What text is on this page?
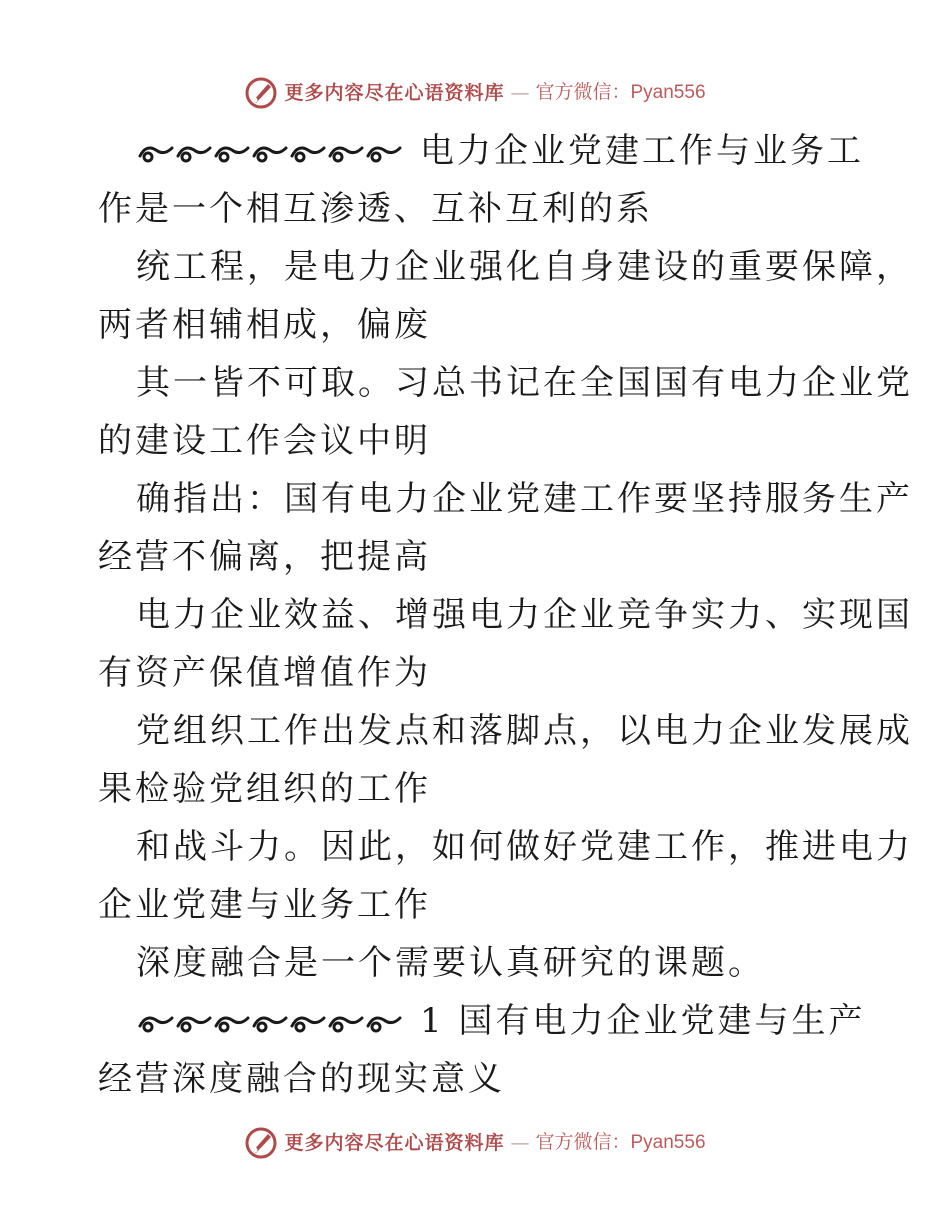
更多内容尽在心语资料库 — 官方微信：Pyan556
电力企业党建工作与业务工
作是一个相互渗透、互补互利的系
统工程，是电力企业强化自身建设的重要保障，
两者相辅相成，偏废
其一皆不可取。习总书记在全国国有电力企业党
的建设工作会议中明
确指出：国有电力企业党建工作要坚持服务生产
经营不偏离，把提高
电力企业效益、增强电力企业竞争实力、实现国
有资产保值增值作为
党组织工作出发点和落脚点，以电力企业发展成
果检验党组织的工作
和战斗力。因此，如何做好党建工作，推进电力
企业党建与业务工作
深度融合是一个需要认真研究的课题。
1 国有电力企业党建与生产
经营深度融合的现实意义
更多内容尽在心语资料库 — 官方微信：Pyan556
